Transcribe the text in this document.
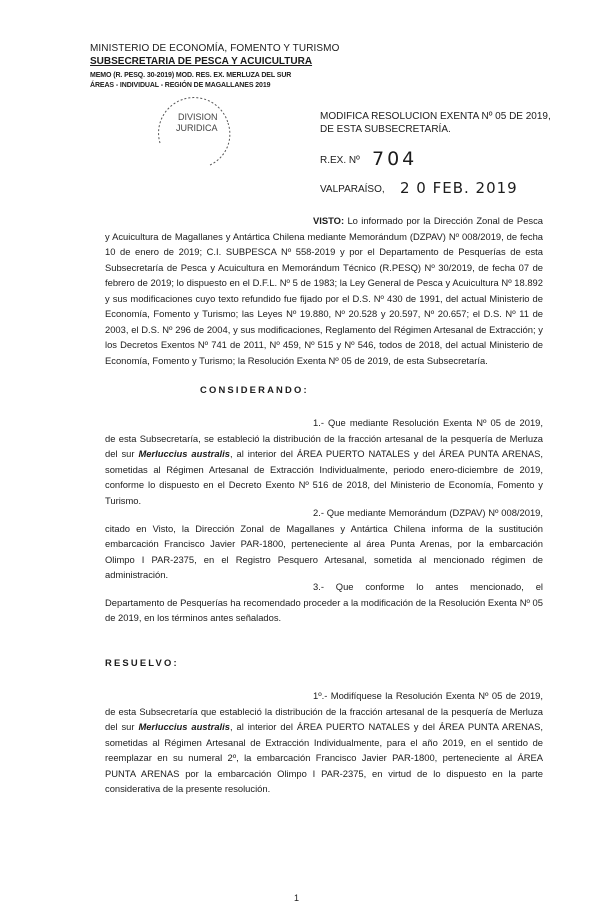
MINISTERIO DE ECONOMÍA, FOMENTO Y TURISMO
SUBSECRETARIA DE PESCA Y ACUICULTURA
MEMO (R. PESQ. 30-2019) MOD. RES. EX. MERLUZA DEL SUR
ÁREAS - INDIVIDUAL - REGIÓN DE MAGALLANES 2019
DIVISION
JURIDICA
MODIFICA RESOLUCION EXENTA Nº 05 DE 2019, DE ESTA SUBSECRETARÍA.
R.EX. Nº 704
VALPARAÍSO, 2 0 FEB. 2019
VISTO: Lo informado por la Dirección Zonal de Pesca y Acuicultura de Magallanes y Antártica Chilena mediante Memorándum (DZPAV) Nº 008/2019, de fecha 10 de enero de 2019; C.I. SUBPESCA Nº 558-2019 y por el Departamento de Pesquerías de esta Subsecretaría de Pesca y Acuicultura en Memorándum Técnico (R.PESQ) Nº 30/2019, de fecha 07 de febrero de 2019; lo dispuesto en el D.F.L. Nº 5 de 1983; la Ley General de Pesca y Acuicultura Nº 18.892 y sus modificaciones cuyo texto refundido fue fijado por el D.S. Nº 430 de 1991, del actual Ministerio de Economía, Fomento y Turismo; las Leyes Nº 19.880, Nº 20.528 y 20.597, Nº 20.657; el D.S. Nº 11 de 2003, el D.S. Nº 296 de 2004, y sus modificaciones, Reglamento del Régimen Artesanal de Extracción; y los Decretos Exentos Nº 741 de 2011, Nº 459, Nº 515 y Nº 546, todos de 2018, del actual Ministerio de Economía, Fomento y Turismo; la Resolución Exenta Nº 05 de 2019, de esta Subsecretaría.
CONSIDERANDO:
1.- Que mediante Resolución Exenta Nº 05 de 2019, de esta Subsecretaría, se estableció la distribución de la fracción artesanal de la pesquería de Merluza del sur Merluccius australis, al interior del ÁREA PUERTO NATALES y del ÁREA PUNTA ARENAS, sometidas al Régimen Artesanal de Extracción Individualmente, periodo enero-diciembre de 2019, conforme lo dispuesto en el Decreto Exento Nº 516 de 2018, del Ministerio de Economía, Fomento y Turismo.
2.- Que mediante Memorándum (DZPAV) Nº 008/2019, citado en Visto, la Dirección Zonal de Magallanes y Antártica Chilena informa de la sustitución embarcación Francisco Javier PAR-1800, perteneciente al área Punta Arenas, por la embarcación Olimpo I PAR-2375, en el Registro Pesquero Artesanal, sometida al mencionado régimen de administración.
3.- Que conforme lo antes mencionado, el Departamento de Pesquerías ha recomendado proceder a la modificación de la Resolución Exenta Nº 05 de 2019, en los términos antes señalados.
RESUELVO:
1º.- Modifíquese la Resolución Exenta Nº 05 de 2019, de esta Subsecretaría que estableció la distribución de la fracción artesanal de la pesquería de Merluza del sur Merluccius australis, al interior del ÁREA PUERTO NATALES y del ÁREA PUNTA ARENAS, sometidas al Régimen Artesanal de Extracción Individualmente, para el año 2019, en el sentido de reemplazar en su numeral 2º, la embarcación Francisco Javier PAR-1800, perteneciente al ÁREA PUNTA ARENAS por la embarcación Olimpo I PAR-2375, en virtud de lo dispuesto en la parte considerativa de la presente resolución.
1
